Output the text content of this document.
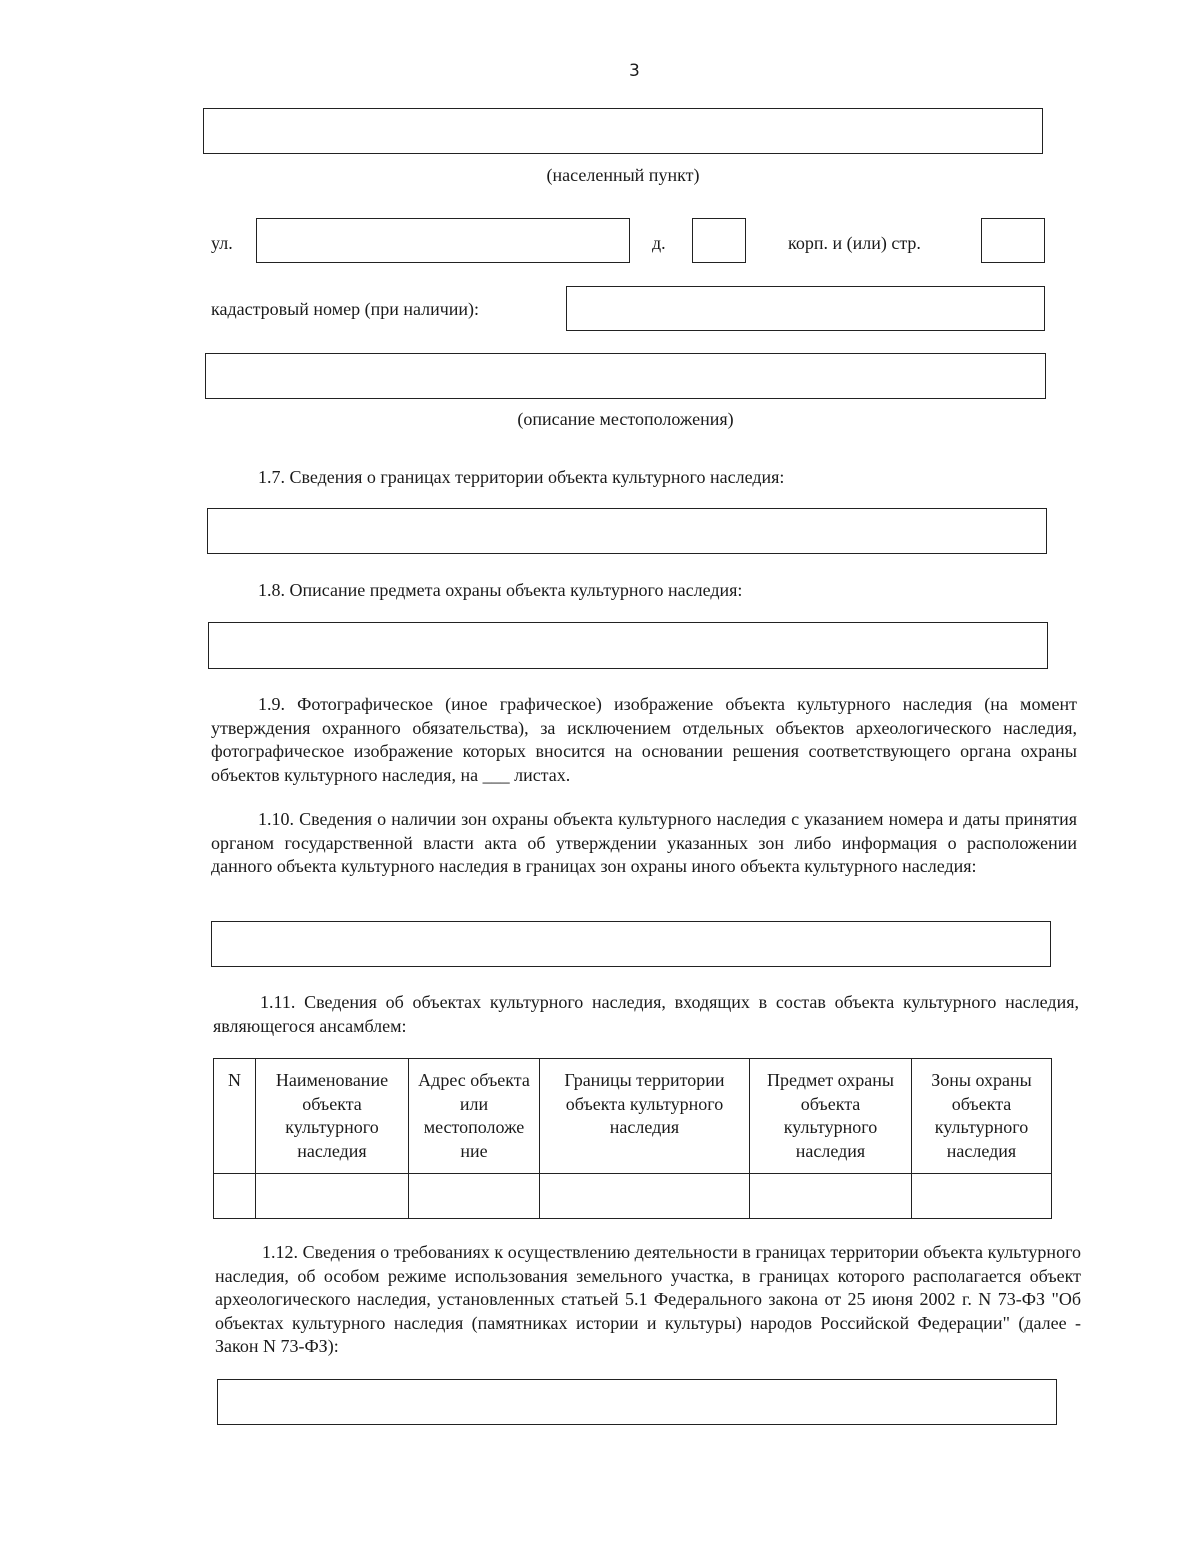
3
(населенный пункт)
ул.	д.	корп. и (или) стр.
кадастровый номер (при наличии):
(описание местоположения)
1.7. Сведения о границах территории объекта культурного наследия:
1.8. Описание предмета охраны объекта культурного наследия:

1.9. Фотографическое (иное графическое) изображение объекта культурного наследия (на момент утверждения охранного обязательства), за исключением отдельных объектов археологического наследия, фотографическое изображение которых вносится на основании решения соответствующего органа охраны объектов культурного наследия, на ___ листах.

1.10. Сведения о наличии зон охраны объекта культурного наследия с указанием номера и даты принятия органом государственной власти акта об утверждении указанных зон либо информация о расположении данного объекта культурного наследия в границах зон охраны иного объекта культурного наследия:

1.11. Сведения об объектах культурного наследия, входящих в состав объекта культурного наследия, являющегося ансамблем:

N	Наименование объекта культурного наследия	Адрес объекта или местоположе ние	Границы территории объекта культурного наследия	Предмет охраны объекта культурного наследия	Зоны охраны объекта культурного наследия

1.12. Сведения о требованиях к осуществлению деятельности в границах территории объекта культурного наследия, об особом режиме использования земельного участка, в границах которого располагается объект археологического наследия, установленных статьей 5.1 Федерального закона от 25 июня 2002 г. N 73-ФЗ "Об объектах культурного наследия (памятниках истории и культуры) народов Российской Федерации" (далее - Закон N 73-ФЗ):
